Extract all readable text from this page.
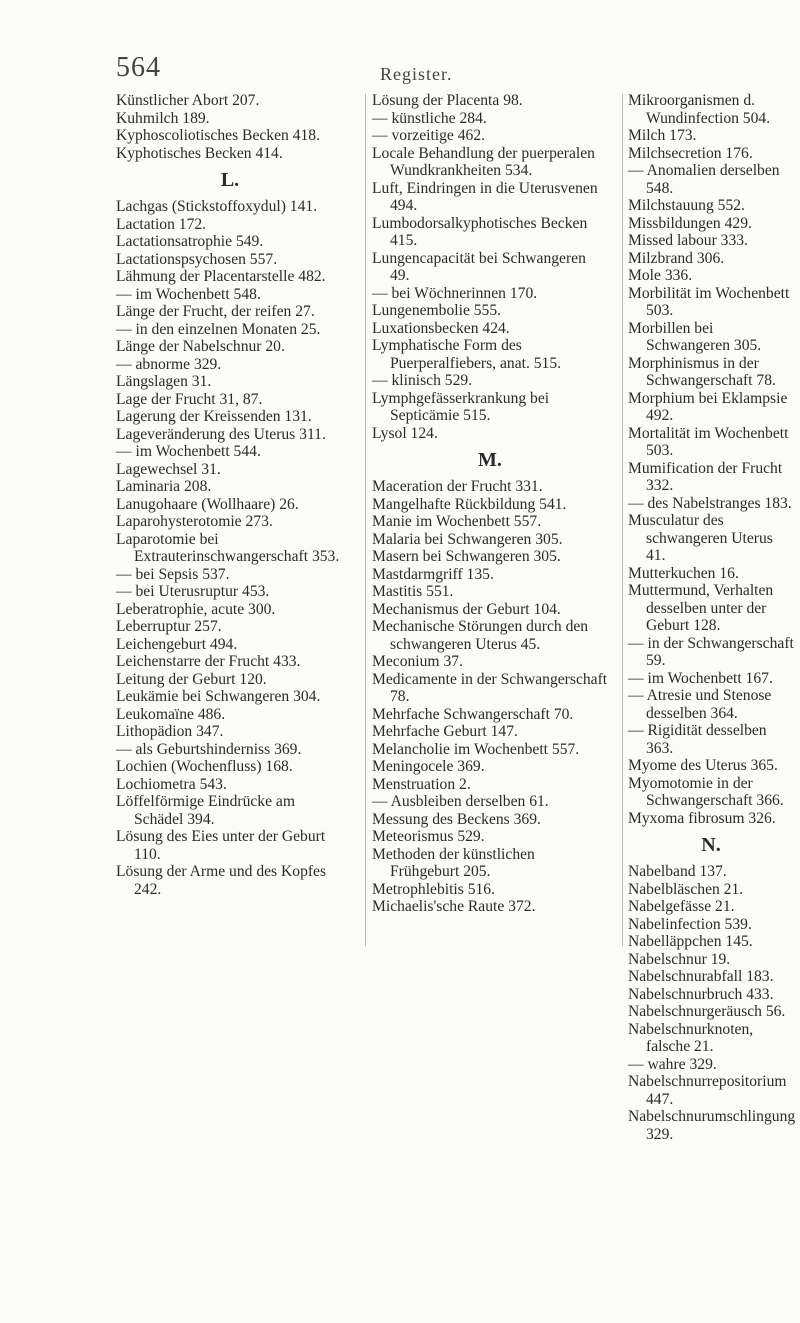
564	Register.

Künstlicher Abort 207.

Kuhmilch 189.

Kyphoscoliotisches Becken 418.

Kyphotisches Becken 414.

L.

Lachgas (Stickstoffoxydul) 141.

Lactation 172.

Lactationsatrophie 549.

Lactationspsychosen 557.

Lähmung der Placentarstelle 482.

— im Wochenbett 548.

Länge der Frucht, der reifen 27.

— in den einzelnen Monaten 25.

Länge der Nabelschnur 20.

— abnorme 329.

Längslagen 31.

Lage der Frucht 31, 87.

Lagerung der Kreissenden 131.

Lageveränderung des Uterus 311.

— im Wochenbett 544.

Lagewechsel 31.

Laminaria 208.

Lanugohaare (Wollhaare) 26.

Laparohysterotomie 273.

Laparotomie bei Extrauterinschwangerschaft 353.

— bei Sepsis 537.

— bei Uterusruptur 453.

Leberatrophie, acute 300.

Leberruptur 257.

Leichengeburt 494.

Leichenstarre der Frucht 433.

Leitung der Geburt 120.

Leukämie bei Schwangeren 304.

Leukomaïne 486.

Lithopädion 347.

— als Geburtshinderniss 369.

Lochien (Wochenfluss) 168.

Lochiometra 543.

Löffelförmige Eindrücke am Schädel 394.

Lösung des Eies unter der Geburt 110.

Lösung der Arme und des Kopfes 242.

Lösung der Placenta 98.

— künstliche 284.

— vorzeitige 462.

Locale Behandlung der puerperalen Wundkrankheiten 534.

Luft, Eindringen in die Uterusvenen 494.

Lumbodorsalkyphotisches Becken 415.

Lungencapacität bei Schwangeren 49.

— bei Wöchnerinnen 170.

Lungenembolie 555.

Luxationsbecken 424.

Lymphatische Form des Puerperalfiebers, anat. 515.

— klinisch 529.

Lymphgefässerkrankung bei Septicämie 515.

Lysol 124.

M.

Maceration der Frucht 331.

Mangelhafte Rückbildung 541.

Manie im Wochenbett 557.

Malaria bei Schwangeren 305.

Masern bei Schwangeren 305.

Mastdarmgriff 135.

Mastitis 551.

Mechanismus der Geburt 104.

Mechanische Störungen durch den schwangeren Uterus 45.

Meconium 37.

Medicamente in der Schwangerschaft 78.

Mehrfache Schwangerschaft 70.

Mehrfache Geburt 147.

Melancholie im Wochenbett 557.

Meningocele 369.

Menstruation 2.

— Ausbleiben derselben 61.

Messung des Beckens 369.

Meteorismus 529.

Methoden der künstlichen Frühgeburt 205.

Metrophlebitis 516.

Michaelis'sche Raute 372.

Mikroorganismen d. Wundinfection 504.

Milch 173.

Milchsecretion 176.

— Anomalien derselben 548.

Milchstauung 552.

Missbildungen 429.

Missed labour 333.

Milzbrand 306.

Mole 336.

Morbilität im Wochenbett 503.

Morbillen bei Schwangeren 305.

Morphinismus in der Schwangerschaft 78.

Morphium bei Eklampsie 492.

Mortalität im Wochenbett 503.

Mumification der Frucht 332.

— des Nabelstranges 183.

Musculatur des schwangeren Uterus 41.

Mutterkuchen 16.

Muttermund, Verhalten desselben unter der Geburt 128.

— in der Schwangerschaft 59.

— im Wochenbett 167.

— Atresie und Stenose desselben 364.

— Rigidität desselben 363.

Myome des Uterus 365.

Myomotomie in der Schwangerschaft 366.

Myxoma fibrosum 326.

N.

Nabelband 137.

Nabelbläschen 21.

Nabelgefässe 21.

Nabelinfection 539.

Nabelläppchen 145.

Nabelschnur 19.

Nabelschnurabfall 183.

Nabelschnurbruch 433.

Nabelschnurgeräusch 56.

Nabelschnurknoten, falsche 21.

— wahre 329.

Nabelschnurrepositorium 447.

Nabelschnurumschlingung 329.
